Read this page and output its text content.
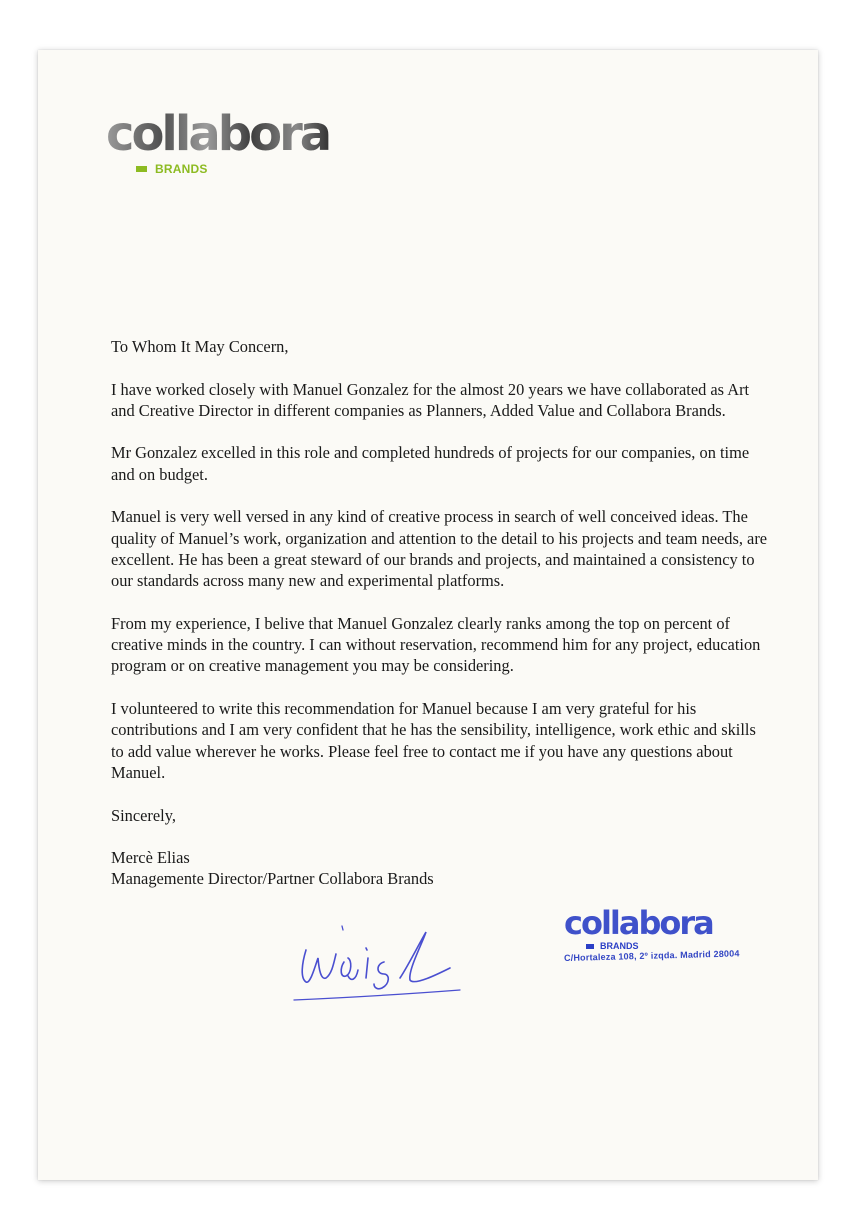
collabora
BRANDS

To Whom It May Concern,

I have worked closely with Manuel Gonzalez for the almost 20 years we have collaborated as Art and Creative Director in different companies as Planners, Added Value and Collabora Brands.

Mr Gonzalez excelled in this role and completed hundreds of projects for our companies, on time and on budget.

Manuel is very well versed in any kind of creative process in search of well conceived ideas. The quality of Manuel’s work, organization and attention to the detail to his projects and team needs, are excellent. He has been a great steward of our brands and projects, and maintained a consistency to our standards across many new and experimental platforms.

From my experience, I belive that Manuel Gonzalez clearly ranks among the top on percent of creative minds in the country. I can without reservation, recommend him for any project, education program or on creative management you may be considering.

I volunteered to write this recommendation for Manuel because I am very grateful for his contributions and I am very confident that he has the sensibility, intelligence, work ethic and skills to add value wherever he works. Please feel free to contact me if you have any questions about Manuel.

Sincerely,

Mercè Elias

Managemente Director/Partner Collabora Brands

collabora
BRANDS
C/Hortaleza 108, 2º izqda. Madrid 28004
